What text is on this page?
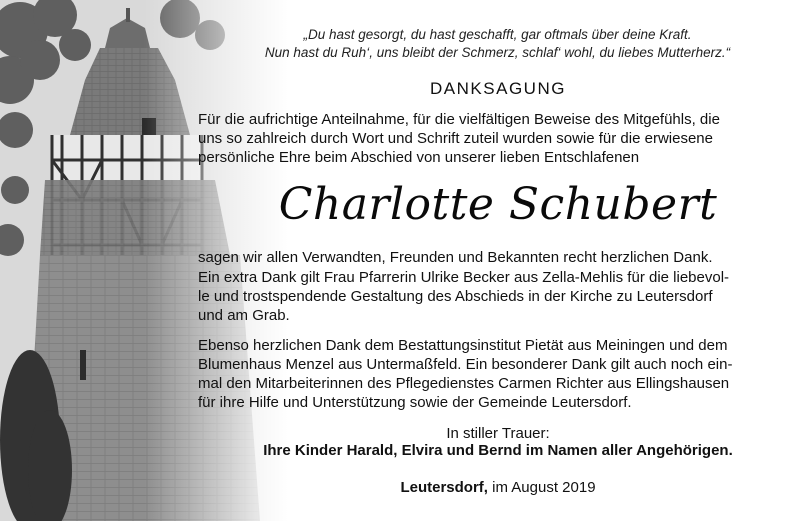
„Du hast gesorgt, du hast geschafft, gar oftmals über deine Kraft.
Nun hast du Ruh‘, uns bleibt der Schmerz, schlaf‘ wohl, du liebes Mutterherz.“
DANKSAGUNG
Für die aufrichtige Anteilnahme, für die vielfältigen Beweise des Mitgefühls, die
uns so zahlreich durch Wort und Schrift zuteil wurden sowie für die erwiesene
persönliche Ehre beim Abschied von unserer lieben Entschlafenen
Charlotte Schubert
sagen wir allen Verwandten, Freunden und Bekannten recht herzlichen Dank.
Ein extra Dank gilt Frau Pfarrerin Ulrike Becker aus Zella-Mehlis für die liebevol-
le und trostspendende Gestaltung des Abschieds in der Kirche zu Leutersdorf
und am Grab.
Ebenso herzlichen Dank dem Bestattungsinstitut Pietät aus Meiningen und dem
Blumenhaus Menzel aus Untermaßfeld. Ein besonderer Dank gilt auch noch ein-
mal den Mitarbeiterinnen des Pflegedienstes Carmen Richter aus Ellingshausen
für ihre Hilfe und Unterstützung sowie der Gemeinde Leutersdorf.
In stiller Trauer:
Ihre Kinder Harald, Elvira und Bernd im Namen aller Angehörigen.
Leutersdorf, im August 2019
